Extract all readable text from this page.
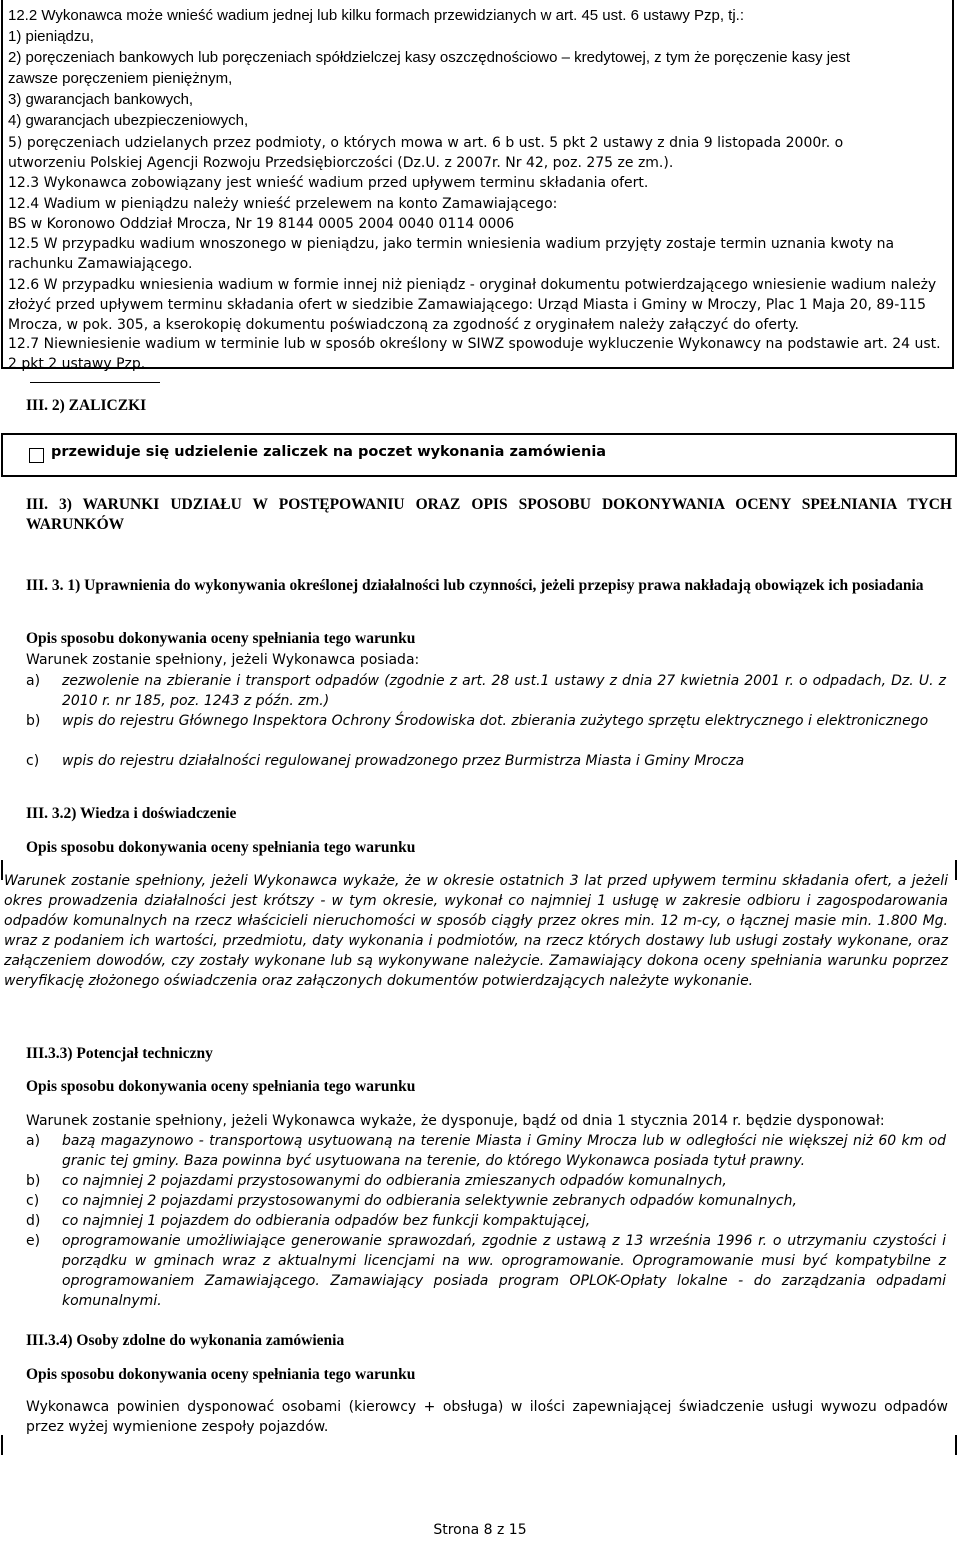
12.2 Wykonawca może wnieść wadium jednej lub kilku formach przewidzianych w art. 45 ust. 6 ustawy Pzp, tj.:
1) pieniądzu,
2) poręczeniach bankowych lub poręczeniach spółdzielczej kasy oszczędnościowo – kredytowej, z tym że poręczenie kasy jest
zawsze poręczeniem pieniężnym,
3) gwarancjach bankowych,
4) gwarancjach ubezpieczeniowych,
5) poręczeniach udzielanych przez podmioty, o których mowa w art. 6 b ust. 5 pkt 2 ustawy z dnia 9 listopada 2000r. o
utworzeniu Polskiej Agencji Rozwoju Przedsiębiorczości (Dz.U. z 2007r. Nr 42, poz. 275 ze zm.).
12.3 Wykonawca zobowiązany jest wnieść wadium przed upływem terminu składania ofert.
12.4 Wadium w pieniądzu należy wnieść przelewem na konto Zamawiającego:
BS w Koronowo Oddział Mrocza, Nr 19 8144 0005 2004 0040 0114 0006
12.5 W przypadku wadium wnoszonego w pieniądzu, jako termin wniesienia wadium przyjęty zostaje termin uznania kwoty na rachunku Zamawiającego.
12.6 W przypadku wniesienia wadium w formie innej niż pieniądz - oryginał dokumentu potwierdzającego wniesienie wadium należy złożyć przed upływem terminu składania ofert w siedzibie Zamawiającego: Urząd Miasta i Gminy w Mroczy, Plac 1 Maja 20, 89-115 Mrocza, w pok. 305, a kserokopię dokumentu poświadczoną za zgodność z oryginałem należy załączyć do oferty.
12.7 Niewniesienie wadium w terminie lub w sposób określony w SIWZ spowoduje wykluczenie Wykonawcy na podstawie art. 24 ust. 2 pkt 2 ustawy Pzp.
III. 2) ZALICZKI
przewiduje się udzielenie zaliczek na poczet wykonania zamówienia
III. 3) WARUNKI UDZIAŁU W POSTĘPOWANIU ORAZ OPIS SPOSOBU DOKONYWANIA OCENY SPEŁNIANIA TYCH WARUNKÓW
III. 3. 1) Uprawnienia do wykonywania określonej działalności lub czynności, jeżeli przepisy prawa nakładają obowiązek ich posiadania
Opis sposobu dokonywania oceny spełniania tego warunku
Warunek zostanie spełniony, jeżeli Wykonawca posiada:
a)	zezwolenie na zbieranie i transport odpadów (zgodnie z art. 28 ust.1 ustawy z dnia 27 kwietnia 2001 r. o odpadach, Dz. U. z 2010 r. nr 185, poz. 1243 z późn. zm.)
b)	wpis do rejestru Głównego Inspektora Ochrony Środowiska dot. zbierania zużytego sprzętu elektrycznego i elektronicznego
c)	wpis do rejestru działalności regulowanej prowadzonego przez Burmistrza Miasta i Gminy Mrocza
III. 3.2) Wiedza i doświadczenie
Opis sposobu dokonywania oceny spełniania tego warunku
Warunek zostanie spełniony, jeżeli Wykonawca wykaże, że w okresie ostatnich 3 lat przed upływem terminu składania ofert, a jeżeli okres prowadzenia działalności jest krótszy - w tym okresie, wykonał co najmniej 1 usługę w zakresie odbioru i zagospodarowania odpadów komunalnych na rzecz właścicieli nieruchomości w sposób ciągły przez okres min. 12 m-cy, o łącznej masie min. 1.800 Mg. wraz z podaniem ich wartości, przedmiotu, daty wykonania i podmiotów, na rzecz których dostawy lub usługi zostały wykonane, oraz załączeniem dowodów, czy zostały wykonane lub są wykonywane należycie. Zamawiający dokona oceny spełniania warunku poprzez weryfikację złożonego oświadczenia oraz załączonych dokumentów potwierdzających należyte wykonanie.
III.3.3) Potencjał techniczny
Opis sposobu dokonywania oceny spełniania tego warunku
Warunek zostanie spełniony, jeżeli Wykonawca wykaże, że dysponuje, bądź od dnia 1 stycznia 2014 r. będzie dysponował:
a)	bazą magazynowo - transportową usytuowaną na terenie Miasta i Gminy Mrocza lub w odległości nie większej niż 60 km od granic tej gminy. Baza powinna być usytuowana na terenie, do którego Wykonawca posiada tytuł prawny.
b)	co najmniej 2 pojazdami przystosowanymi do odbierania zmieszanych odpadów komunalnych,
c)	co najmniej 2 pojazdami przystosowanymi do odbierania selektywnie zebranych odpadów komunalnych,
d)	co najmniej 1 pojazdem do odbierania odpadów bez funkcji kompaktującej,
e)	oprogramowanie umożliwiające generowanie sprawozdań, zgodnie z ustawą z 13 września 1996 r. o utrzymaniu czystości i porządku w gminach wraz z aktualnymi licencjami na ww. oprogramowanie. Oprogramowanie musi być kompatybilne z oprogramowaniem Zamawiającego. Zamawiający posiada program OPLOK-Opłaty lokalne - do zarządzania odpadami komunalnymi.
III.3.4) Osoby zdolne do wykonania zamówienia
Opis sposobu dokonywania oceny spełniania tego warunku
Wykonawca powinien dysponować osobami (kierowcy + obsługa) w ilości zapewniającej świadczenie usługi wywozu odpadów przez wyżej wymienione zespoły pojazdów.
Strona 8 z 15
